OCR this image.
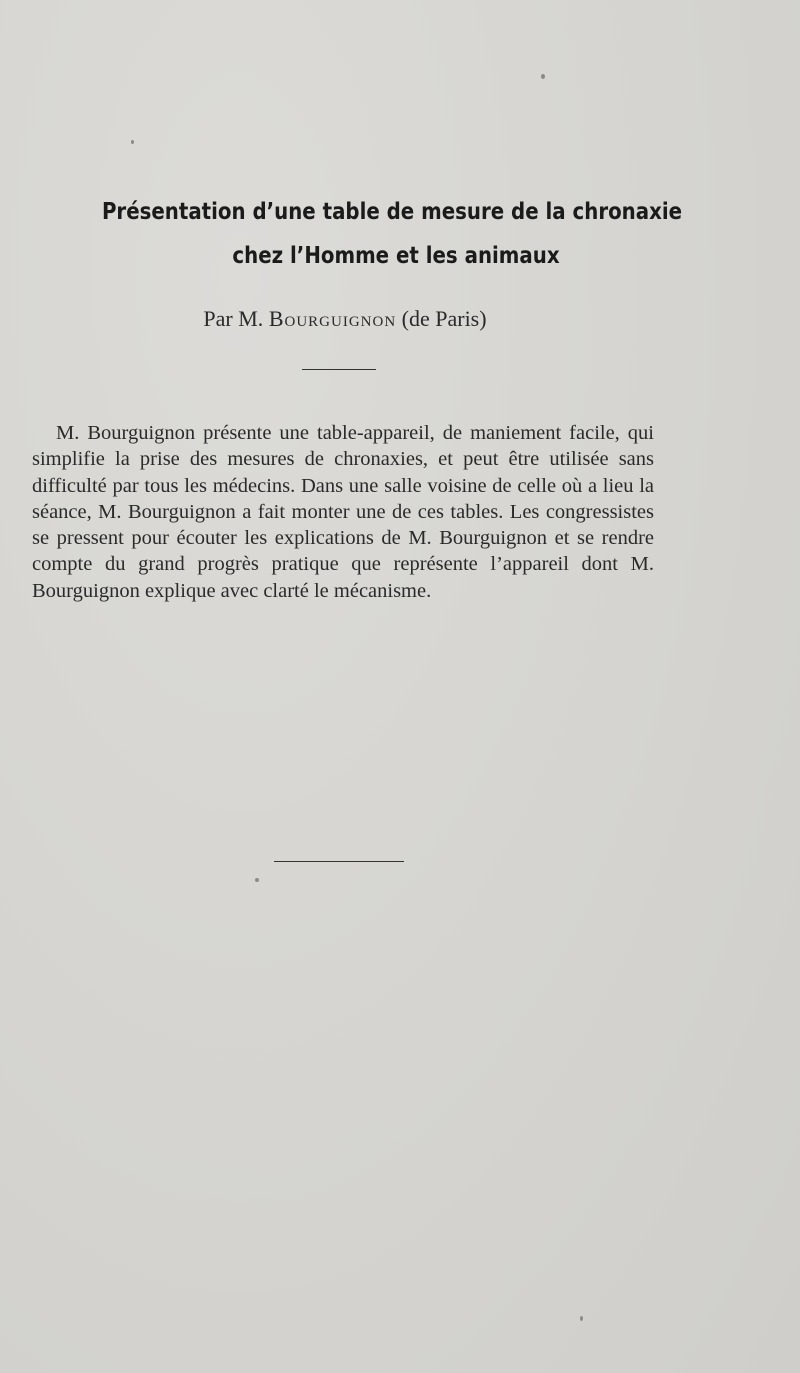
Présentation d’une table de mesure de la chronaxie
chez l’Homme et les animaux
Par M. Bourguignon (de Paris)

M. Bourguignon présente une table-appareil, de maniement facile, qui simplifie la prise des mesures de chronaxies, et peut être utilisée sans difficulté par tous les médecins. Dans une salle voisine de celle où a lieu la séance, M. Bourguignon a fait monter une de ces tables. Les congressistes se pressent pour écouter les explications de M. Bourguignon et se rendre compte du grand progrès pratique que représente l’appareil dont M. Bourguignon explique avec clarté le mécanisme.
